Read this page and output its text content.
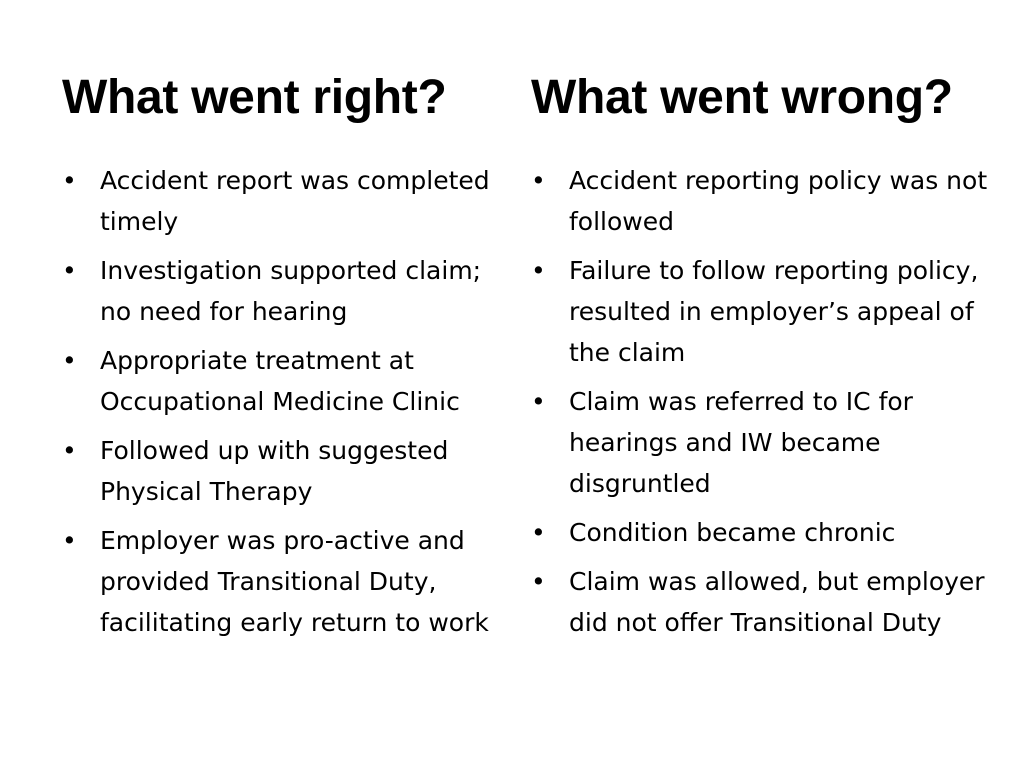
What went right? What went wrong?
• Accident report was completed timely
• Investigation supported claim; no need for hearing
• Appropriate treatment at Occupational Medicine Clinic
• Followed up with suggested Physical Therapy
• Employer was pro-active and provided Transitional Duty, facilitating early return to work
• Accident reporting policy was not followed
• Failure to follow reporting policy, resulted in employer’s appeal of the claim
• Claim was referred to IC for hearings and IW became disgruntled
• Condition became chronic
• Claim was allowed, but employer did not offer Transitional Duty
